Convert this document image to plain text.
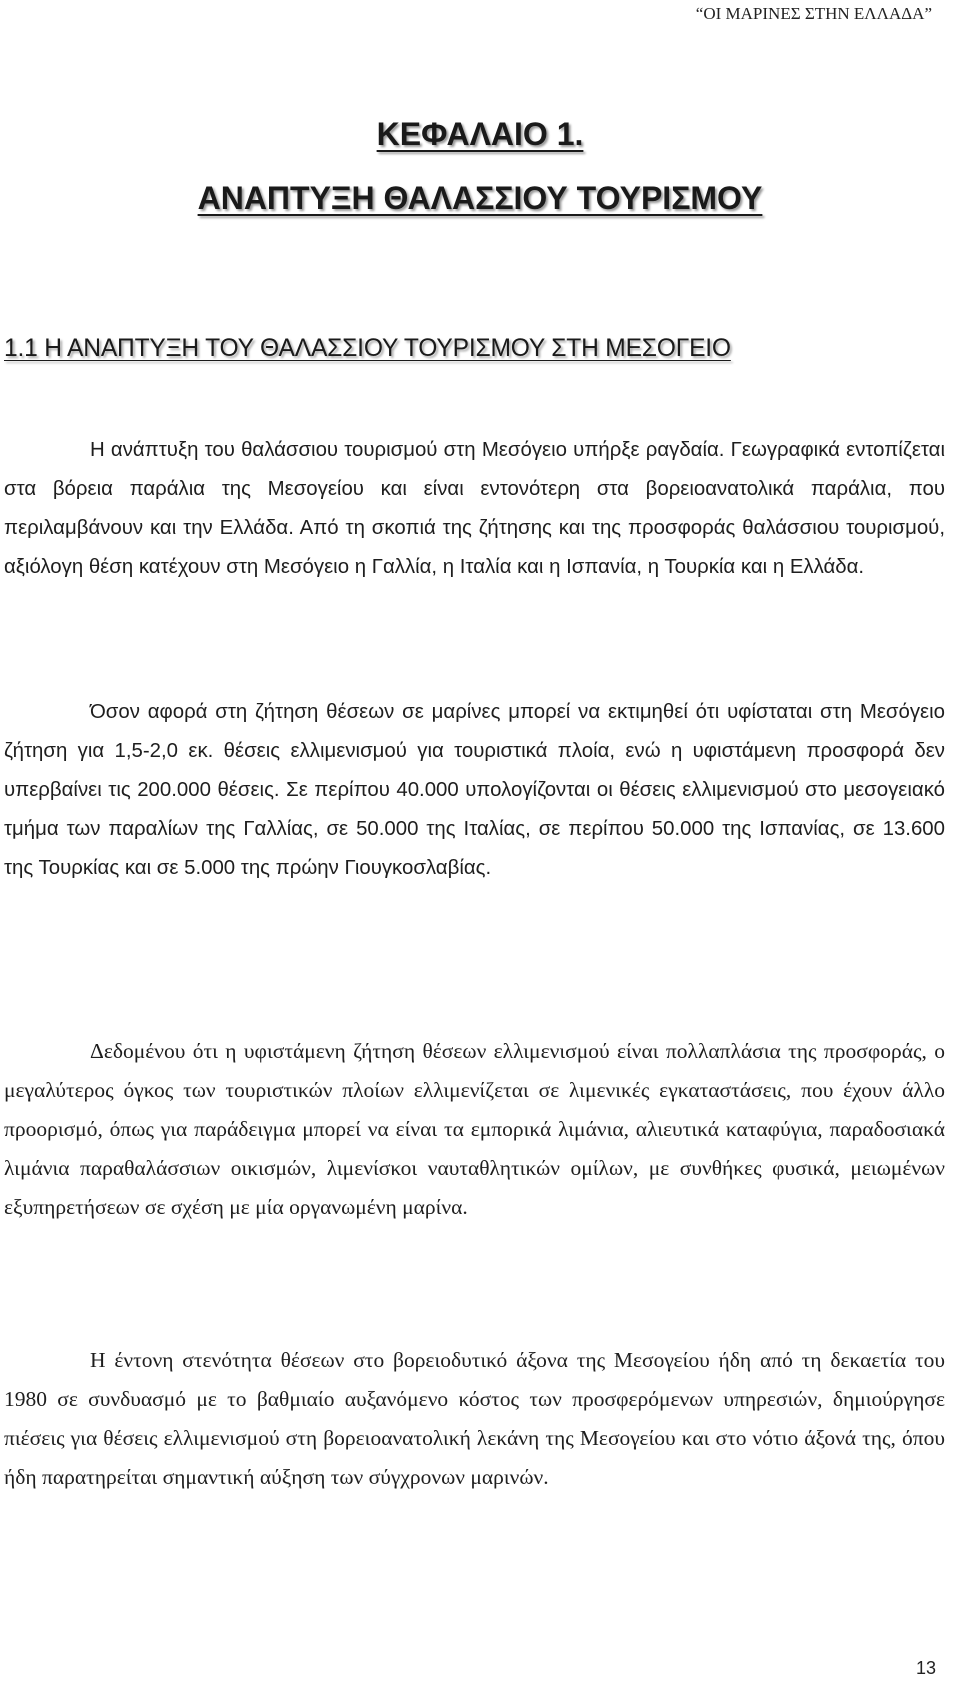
“ΟΙ ΜΑΡΙΝΕΣ ΣΤΗΝ ΕΛΛΑΔΑ”
ΚΕΦΑΛΑΙΟ 1.
ΑΝΑΠΤΥΞΗ ΘΑΛΑΣΣΙΟΥ ΤΟΥΡΙΣΜΟΥ
1.1 Η ΑΝΑΠΤΥΞΗ ΤΟΥ ΘΑΛΑΣΣΙΟΥ ΤΟΥΡΙΣΜΟΥ ΣΤΗ ΜΕΣΟΓΕΙΟ

Η ανάπτυξη του θαλάσσιου τουρισμού στη Μεσόγειο υπήρξε ραγδαία. Γεωγραφικά εντοπίζεται στα βόρεια παράλια της Μεσογείου και είναι εντονότερη στα βορειοανατολικά παράλια, που περιλαμβάνουν και την Ελλάδα. Από τη σκοπιά της ζήτησης και της προσφοράς θαλάσσιου τουρισμού, αξιόλογη θέση κατέχουν στη Μεσόγειο η Γαλλία, η Ιταλία και η Ισπανία, η Τουρκία και η Ελλάδα.

Όσον αφορά στη ζήτηση θέσεων σε μαρίνες μπορεί να εκτιμηθεί ότι υφίσταται στη Μεσόγειο ζήτηση για 1,5-2,0 εκ. θέσεις ελλιμενισμού για τουριστικά πλοία, ενώ η υφιστάμενη προσφορά δεν υπερβαίνει τις 200.000 θέσεις. Σε περίπου 40.000 υπολογίζονται οι θέσεις ελλιμενισμού στο μεσογειακό τμήμα των παραλίων της Γαλλίας, σε 50.000 της Ιταλίας, σε περίπου 50.000 της Ισπανίας, σε 13.600 της Τουρκίας και σε 5.000 της πρώην Γιουγκοσλαβίας.

Δεδομένου ότι η υφιστάμενη ζήτηση θέσεων ελλιμενισμού είναι πολλαπλάσια της προσφοράς, ο μεγαλύτερος όγκος των τουριστικών πλοίων ελλιμενίζεται σε λιμενικές εγκαταστάσεις, που έχουν άλλο προορισμό, όπως για παράδειγμα μπορεί να είναι τα εμπορικά λιμάνια, αλιευτικά καταφύγια, παραδοσιακά λιμάνια παραθαλάσσιων οικισμών, λιμενίσκοι ναυταθλητικών ομίλων, με συνθήκες φυσικά, μειωμένων εξυπηρετήσεων σε σχέση με μία οργανωμένη μαρίνα.

Η έντονη στενότητα θέσεων στο βορειοδυτικό άξονα της Μεσογείου ήδη από τη δεκαετία του 1980 σε συνδυασμό με το βαθμιαίο αυξανόμενο κόστος των προσφερόμενων υπηρεσιών, δημιούργησε πιέσεις για θέσεις ελλιμενισμού στη βορειοανατολική λεκάνη της Μεσογείου και στο νότιο άξονά της, όπου ήδη παρατηρείται σημαντική αύξηση των σύγχρονων μαρινών.

13
